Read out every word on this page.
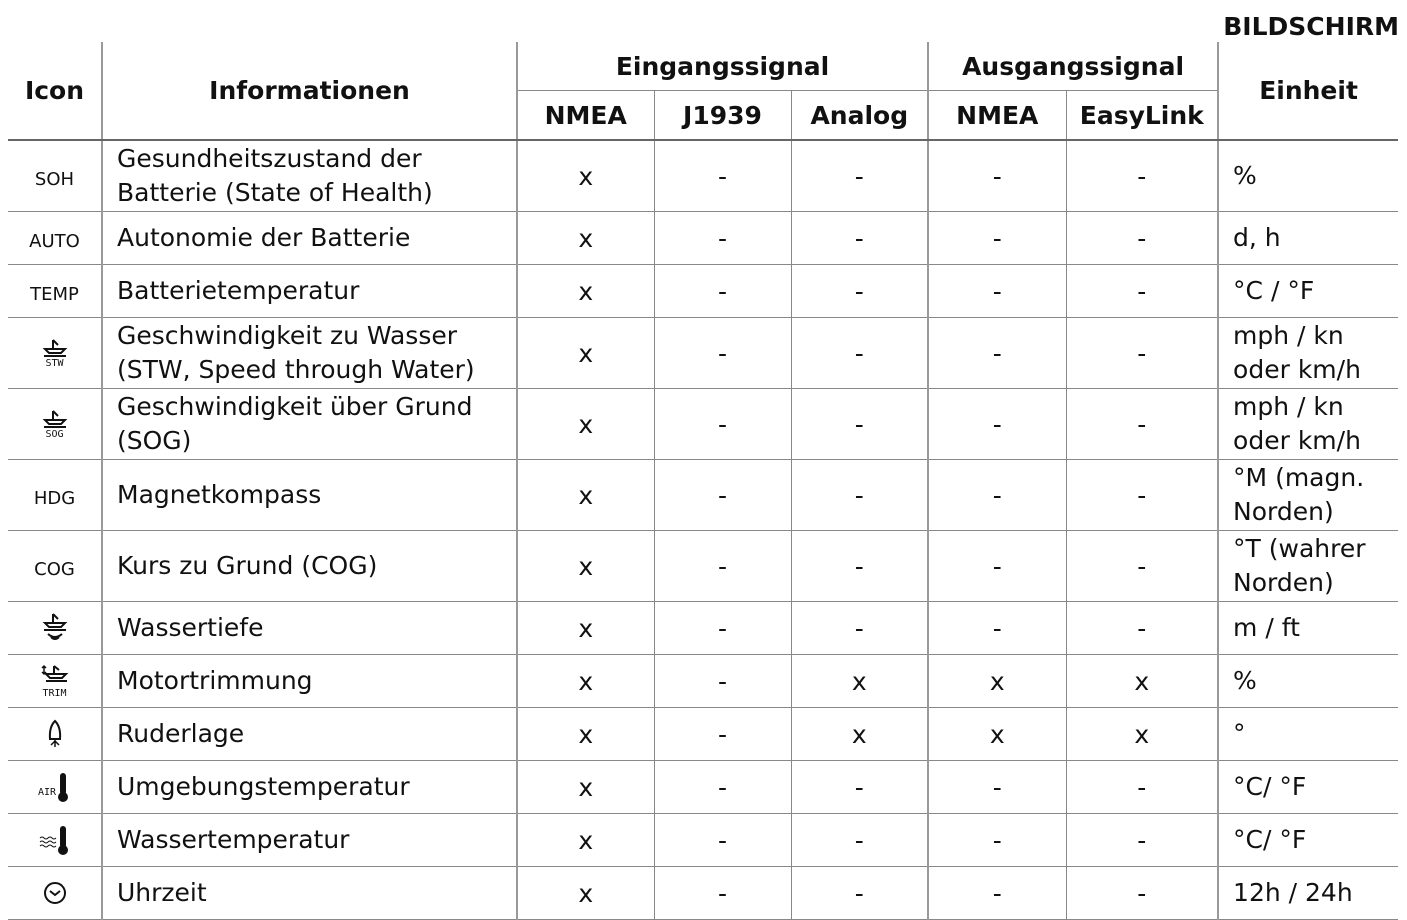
BILDSCHIRM
Icon	Informationen	Eingangssignal			Ausgangssignal		Einheit
		NMEA	J1939	Analog	NMEA	EasyLink	
SOH	Gesundheitszustand der Batterie (State of Health)	x	-	-	-	-	%
AUTO	Autonomie der Batterie	x	-	-	-	-	d, h
TEMP	Batterietemperatur	x	-	-	-	-	°C / °F

STW	Geschwindigkeit zu Wasser (STW, Speed through Water)	x	-	-	-	-	mph / kn oder km/h

SOG	Geschwindigkeit über Grund (SOG)	x	-	-	-	-	mph / kn oder km/h
HDG	Magnetkompass	x	-	-	-	-	°M (magn. Norden)
COG	Kurs zu Grund (COG)	x	-	-	-	-	°T (wahrer Norden)

	Wassertiefe	x	-	-	-	-	m / ft

TRIM	Motortrimmung	x	-	x	x	x	%

	Ruderlage	x	-	x	x	x	°

AIR	Umgebungstemperatur	x	-	-	-	-	°C/ °F

	Wassertemperatur	x	-	-	-	-	°C/ °F

	Uhrzeit	x	-	-	-	-	12h / 24h
